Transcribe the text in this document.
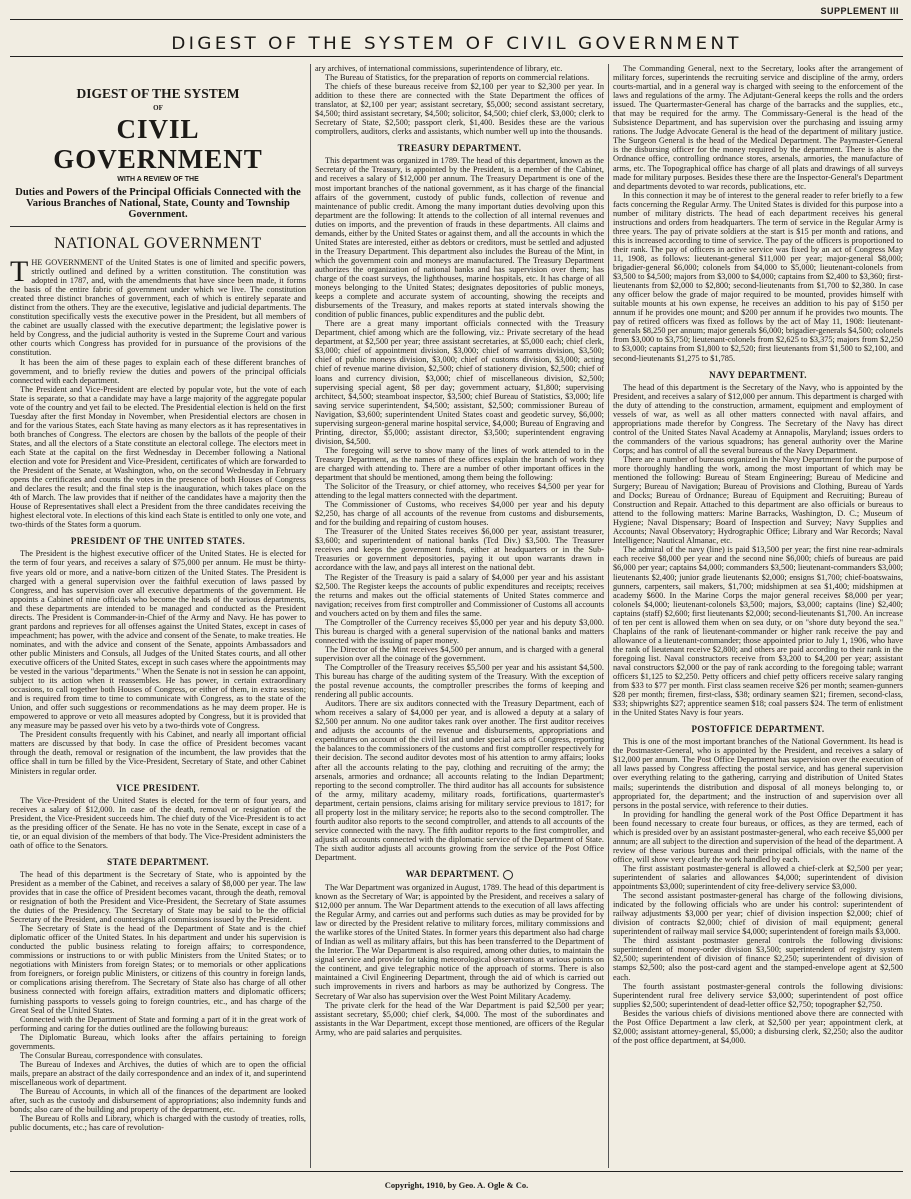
SUPPLEMENT III
DIGEST OF THE SYSTEM OF CIVIL GOVERNMENT
DIGEST OF THE SYSTEM
OF
CIVIL GOVERNMENT
WITH A REVIEW OF THE
Duties and Powers of the Principal Officials Connected with the Various Branches of National, State, County and Township Government.
NATIONAL GOVERNMENT

THE GOVERNMENT of the United States is one of limited and specific powers, strictly outlined and defined by a written constitution. The constitution was adopted in 1787, and, with the amendments that have since been made, it forms the basis of the entire fabric of government under which we live. The constitution created three distinct branches of government, each of which is entirely separate and distinct from the others. They are the executive, legislative and judicial departments. The constitution specifically vests the executive power in the President, but all members of the cabinet are usually classed with the executive department; the legislative power is held by Congress, and the judicial authority is vested in the Supreme Court and various other courts which Congress has provided for in pursuance of the provisions of the constitution.

It has been the aim of these pages to explain each of these different branches of government, and to briefly review the duties and powers of the principal officials connected with each department.

The President and Vice-President are elected by popular vote, but the vote of each State is separate, so that a candidate may have a large majority of the aggregate popular vote of the country and yet fail to be elected. The Presidential election is held on the first Tuesday after the first Monday in November, when Presidential electors are chosen in and for the various States, each State having as many electors as it has representatives in both branches of Congress. The electors are chosen by the ballots of the people of their States, and all the electors of a State constitute an electoral college. The electors meet in each State at the capital on the first Wednesday in December following a National election and vote for President and Vice-President, certificates of which are forwarded to the President of the Senate, at Washington, who, on the second Wednesday in February opens the certificates and counts the votes in the presence of both Houses of Congress and declares the result; and the final step is the inauguration, which takes place on the 4th of March. The law provides that if neither of the candidates have a majority then the House of Representatives shall elect a President from the three candidates receiving the highest electoral vote. In elections of this kind each State is entitled to only one vote, and two-thirds of the States form a quorum.

PRESIDENT OF THE UNITED STATES.

The President is the highest executive officer of the United States. He is elected for the term of four years, and receives a salary of $75,000 per annum. He must be thirty-five years old or more, and a native-born citizen of the United States. The President is charged with a general supervision over the faithful execution of laws passed by Congress, and has supervision over all executive departments of the government. He appoints a Cabinet of nine officials who become the heads of the various departments, and these departments are intended to be managed and conducted as the President directs. The President is Commander-in-Chief of the Army and Navy. He has power to grant pardons and reprieves for all offenses against the United States, except in cases of impeachment; has power, with the advice and consent of the Senate, to make treaties. He nominates, and with the advice and consent of the Senate, appoints Ambassadors and other public Ministers and Consuls, all Judges of the United States courts, and all other executive officers of the United States, except in such cases where the appointments may be vested in the various "departments." When the Senate is not in session he can appoint, subject to its action when it reassembles. He has power, in certain extraordinary occasions, to call together both Houses of Congress, or either of them, in extra session; and is required from time to time to communicate with Congress, as to the state of the Union, and offer such suggestions or recommendations as he may deem proper. He is empowered to approve or veto all measures adopted by Congress, but it is provided that any measure may be passed over his veto by a two-thirds vote of Congress.

The President consults frequently with his Cabinet, and nearly all important official matters are discussed by that body. In case the office of President becomes vacant through the death, removal or resignation of the incumbent, the law provides that the office shall in turn be filled by the Vice-President, Secretary of State, and other Cabinet Ministers in regular order.

VICE PRESIDENT.

The Vice-President of the United States is elected for the term of four years, and receives a salary of $12,000. In case of the death, removal or resignation of the President, the Vice-President succeeds him. The chief duty of the Vice-President is to act as the presiding officer of the Senate. He has no vote in the Senate, except in case of a tie, or an equal division of the members of that body. The Vice-President administers the oath of office to the Senators.

STATE DEPARTMENT.

The head of this department is the Secretary of State, who is appointed by the President as a member of the Cabinet, and receives a salary of $8,000 per year. The law provides that in case the office of President becomes vacant, through the death, removal or resignation of both the President and Vice-President, the Secretary of State assumes the duties of the Presidency. The Secretary of State may be said to be the official Secretary of the President, and countersigns all commissions issued by the President.

The Secretary of State is the head of the Department of State and is the chief diplomatic officer of the United States. In his department and under his supervision is conducted the public business relating to foreign affairs; to correspondence, commissions or instructions to or with public Ministers from the United States; or to negotiations with Ministers from foreign States; or to memorials or other applications from foreigners, or foreign public Ministers, or citizens of this country in foreign lands, or complications arising therefrom. The Secretary of State also has charge of all other business connected with foreign affairs, extradition matters and diplomatic officers; furnishing passports to vessels going to foreign countries, etc., and has charge of the Great Seal of the United States.

Connected with the Department of State and forming a part of it in the great work of performing and caring for the duties outlined are the following bureaus:

The Diplomatic Bureau, which looks after the affairs pertaining to foreign governments.

The Consular Bureau, correspondence with consulates.

The Bureau of Indexes and Archives, the duties of which are to open the official mails, prepare an abstract of the daily correspondence and an index of it, and superintend miscellaneous work of department.

The Bureau of Accounts, in which all of the finances of the department are looked after, such as the custody and disbursement of appropriations; also indemnity funds and bonds; also care of the building and property of the department, etc.

The Bureau of Rolls and Library, which is charged with the custody of treaties, rolls, public documents, etc.; has care of revolution-

ary archives, of international commissions, superintendence of library, etc.

The Bureau of Statistics, for the preparation of reports on commercial relations.

The chiefs of these bureaus receive from $2,100 per year to $2,300 per year. In addition to these there are connected with the State Department the offices of translator, at $2,100 per year; assistant secretary, $5,000; second assistant secretary, $4,500; third assistant secretary, $4,500; solicitor, $4,500; chief clerk, $3,000; clerk to Secretary of State, $2,500; passport clerk, $1,400. Besides these are the various comptrollers, auditors, clerks and assistants, which number well up into the thousands.

TREASURY DEPARTMENT.

This department was organized in 1789. The head of this department, known as the Secretary of the Treasury, is appointed by the President, is a member of the Cabinet, and receives a salary of $12,000 per annum. The Treasury Department is one of the most important branches of the national government, as it has charge of the financial affairs of the government, custody of public funds, collection of revenue and maintenance of public credit. Among the many important duties devolving upon this department are the following: It attends to the collection of all internal revenues and duties on imports, and the prevention of frauds in these departments. All claims and demands, either by the United States or against them, and all the accounts in which the United States are interested, either as debtors or creditors, must be settled and adjusted in the Treasury Department. This department also includes the Bureau of the Mint, in which the government coin and moneys are manufactured. The Treasury Department authorizes the organization of national banks and has supervision over them; has charge of the coast surveys, the lighthouses, marine hospitals, etc. It has charge of all moneys belonging to the United States; designates depositories of public moneys, keeps a complete and accurate system of accounting, showing the receipts and disbursements of the Treasury, and makes reports at stated intervals showing the condition of public finances, public expenditures and the public debt.

There are a great many important officials connected with the Treasury Department, chief among which are the following, viz.: Private secretary of the head department, at $2,500 per year; three assistant secretaries, at $5,000 each; chief clerk, $3,000; chief of appointment division, $3,000; chief of warrants division, $3,500; chief of public moneys division, $3,000; chief of customs division, $3,000; acting chief of revenue marine division, $2,500; chief of stationery division, $2,500; chief of loans and currency division, $3,000; chief of miscellaneous division, $2,500; supervising special agent, $8 per day; government actuary, $1,800; supervising architect, $4,500; steamboat inspector, $3,500; chief Bureau of Statistics, $3,000; life saving service superintendent, $4,500; assistant, $2,500; commissioner Bureau of Navigation, $3,600; superintendent United States coast and geodetic survey, $6,000; supervising surgeon-general marine hospital service, $4,000; Bureau of Engraving and Printing, director, $5,000; assistant director, $3,500; superintendent engraving division, $4,500.

The foregoing will serve to show many of the lines of work attended to in the Treasury Department, as the names of these offices explain the branch of work they are charged with attending to. There are a number of other important offices in the department that should be mentioned, among them being the following:

The Solicitor of the Treasury, or chief attorney, who receives $4,500 per year for attending to the legal matters connected with the department.

The Commissioner of Customs, who receives $4,000 per year and his deputy $2,250, has charge of all accounts of the revenue from customs and disbursements, and for the building and repairing of custom houses.

The Treasurer of the United States receives $6,000 per year, assistant treasurer, $3,600; and superintendent of national banks (Tcd Div.) $3,500. The Treasurer receives and keeps the government funds, either at headquarters or in the Sub-Treasuries or government depositories, paying it out upon warrants drawn in accordance with the law, and pays all interest on the national debt.

The Register of the Treasury is paid a salary of $4,000 per year and his assistant $2,500. The Register keeps the accounts of public expenditures and receipts; receives the returns and makes out the official statements of United States commerce and navigation; receives from first comptroller and Commissioner of Customs all accounts and vouchers acted on by them and files the same.

The Comptroller of the Currency receives $5,000 per year and his deputy $3,000. This bureau is charged with a general supervision of the national banks and matters connected with the issuing of paper money.

The Director of the Mint receives $4,500 per annum, and is charged with a general supervision over all the coinage of the government.

The Comptroller of the Treasury receives $5,500 per year and his assistant $4,500. This bureau has charge of the auditing system of the Treasury. With the exception of the postal revenue accounts, the comptroller prescribes the forms of keeping and rendering all public accounts.

Auditors. There are six auditors connected with the Treasury Department, each of whom receives a salary of $4,000 per year, and is allowed a deputy at a salary of $2,500 per annum. No one auditor takes rank over another. The first auditor receives and adjusts the accounts of the revenue and disbursements, appropriations and expenditures on account of the civil list and under special acts of Congress, reporting the balances to the commissioners of the customs and first comptroller respectively for their decision. The second auditor devotes most of his attention to army affairs; looks after all the accounts relating to the pay, clothing and recruiting of the army; the arsenals, armories and ordnance; all accounts relating to the Indian Department; reporting to the second comptroller. The third auditor has all accounts for subsistence of the army, military academy, military roads, fortifications, quartermaster's department, certain pensions, claims arising for military service previous to 1817; for all property lost in the military service; he reports also to the second comptroller. The fourth auditor also reports to the second comptroller, and attends to all accounts of the service connected with the navy. The fifth auditor reports to the first comptroller, and adjusts all accounts connected with the diplomatic service of the Department of State. The sixth auditor adjusts all accounts growing from the service of the Post Office Department.

WAR DEPARTMENT.

The War Department was organized in August, 1789. The head of this department is known as the Secretary of War; is appointed by the President, and receives a salary of $12,000 per annum. The War Department attends to the execution of all laws affecting the Regular Army, and carries out and performs such duties as may be provided for by law or directed by the President relative to military forces, military commissions and the warlike stores of the United States. In former years this department also had charge of Indian as well as military affairs, but this has been transferred to the Department of the Interior. The War Department is also required, among other duties, to maintain the signal service and provide for taking meteorological observations at various points on the continent, and give telegraphic notice of the approach of storms. There is also maintained a Civil Engineering Department, through the aid of which is carried out such improvements in rivers and harbors as may be authorized by Congress. The Secretary of War also has supervision over the West Point Military Academy.

The private clerk for the head of the War Department is paid $2,500 per year; assistant secretary, $5,000; chief clerk, $4,000. The most of the subordinates and assistants in the War Department, except those mentioned, are officers of the Regular Army, who are paid salaries and perquisites.

The Commanding General, next to the Secretary, looks after the arrangement of military forces, superintends the recruiting service and discipline of the army, orders courts-martial, and in a general way is charged with seeing to the enforcement of the laws and regulations of the army. The Adjutant-General keeps the rolls and the orders issued. The Quartermaster-General has charge of the barracks and the supplies, etc., that may be required for the army. The Commissary-General is the head of the Subsistence Department, and has supervision over the purchasing and issuing army rations. The Judge Advocate General is the head of the department of military justice. The Surgeon General is the head of the Medical Department. The Paymaster-General is the disbursing officer for the money required by the department. There is also the Ordnance office, controlling ordnance stores, arsenals, armories, the manufacture of arms, etc. The Topographical office has charge of all plats and drawings of all surveys made for military purposes. Besides these there are the Inspector-General's Department and departments devoted to war records, publications, etc.

In this connection it may be of interest to the general reader to refer briefly to a few facts concerning the Regular Army. The United States is divided for this purpose into a number of military districts. The head of each department receives his general instructions and orders from headquarters. The term of service in the Regular Army is three years. The pay of private soldiers at the start is $15 per month and rations, and this is increased according to time of service. The pay of the officers is proportioned to their rank. The pay of officers in active service was fixed by an act of Congress May 11, 1908, as follows: lieutenant-general $11,000 per year; major-general $8,000; brigadier-general $6,000; colonels from $4,000 to $5,000; lieutenant-colonels from $3,500 to $4,500; majors from $3,000 to $4,000; captains from $2,400 to $3,360; first-lieutenants from $2,000 to $2,800; second-lieutenants from $1,700 to $2,380. In case any officer below the grade of major required to be mounted, provides himself with suitable mounts at his own expense, he receives an addition to his pay of $150 per annum if he provides one mount; and $200 per annum if he provides two mounts. The pay of retired officers was fixed as follows by the act of May 11, 1908: lieutenant-generals $8,250 per annum; major generals $6,000; brigadier-generals $4,500; colonels from $3,000 to $3,750; lieutenant-colonels from $2,625 to $3,375; majors from $2,250 to $3,000; captains from $1,800 to $2,520; first lieutenants from $1,500 to $2,100, and second-lieutenants $1,275 to $1,785.

NAVY DEPARTMENT.

The head of this department is the Secretary of the Navy, who is appointed by the President, and receives a salary of $12,000 per annum. This department is charged with the duty of attending to the construction, armament, equipment and employment of vessels of war, as well as all other matters connected with naval affairs, and appropriations made therefor by Congress. The Secretary of the Navy has direct control of the United States Naval Academy at Annapolis, Maryland; issues orders to the commanders of the various squadrons; has general authority over the Marine Corps; and has control of all the several bureaus of the Navy Department.

There are a number of bureaus organized in the Navy Department for the purpose of more thoroughly handling the work, among the most important of which may be mentioned the following: Bureau of Steam Engineering; Bureau of Medicine and Surgery; Bureau of Navigation; Bureau of Provisions and Clothing, Bureau of Yards and Docks; Bureau of Ordnance; Bureau of Equipment and Recruiting; Bureau of Construction and Repair. Attached to this department are also officials or bureaus to attend to the following matters: Marine Barracks, Washington, D. C.; Museum of Hygiene; Naval Dispensary; Board of Inspection and Survey; Navy Supplies and Accounts; Naval Observatory; Hydrographic Office; Library and War Records; Naval Intelligence; Nautical Almanac, etc.

The admiral of the navy (line) is paid $13,500 per year; the first nine rear-admirals each receive $8,000 per year and the second nine $6,000; chiefs of bureaus are paid $6,000 per year; captains $4,000; commanders $3,500; lieutenant-commanders $3,000; lieutenants $2,400; junior grade lieutenants $2,000; ensigns $1,700; chief-boatswains, gunners, carpenters, sail makers, $1,700; midshipmen at sea $1,400; midshipmen at academy $600. In the Marine Corps the major general receives $8,000 per year; colonels $4,000; lieutenant-colonels $3,500; majors, $3,000; captains (line) $2,400; captains (staff) $2,600; first lieutenants $2,000; second-lieutenants $1,700. An increase of ten per cent is allowed them when on sea duty, or on "shore duty beyond the sea." Chaplains of the rank of lieutenant-commander or higher rank receive the pay and allowance of a lieutenant-commander; those appointed prior to July 1, 1906, who have the rank of lieutenant receive $2,800; and others are paid according to their rank in the foregoing list. Naval constructors receive from $3,200 to $4,200 per year; assistant naval constructors $2,000 or the pay of rank according to the foregoing table; warrant officers $1,125 to $2,250. Petty officers and chief petty officers receive salary ranging from $33 to $77 per month. First class seamen receive $26 per month; seamen-gunners $28 per month; firemen, first-class, $38; ordinary seamen $21; firemen, second-class, $33; shipwrights $27; apprentice seamen $18; coal passers $24. The term of enlistment in the United States Navy is four years.

POSTOFFICE DEPARTMENT.

This is one of the most important branches of the National Government. Its head is the Postmaster-General, who is appointed by the President, and receives a salary of $12,000 per annum. The Post Office Department has supervision over the execution of all laws passed by Congress affecting the postal service, and has general supervision over everything relating to the gathering, carrying and distribution of United States mails; superintends the distribution and disposal of all moneys belonging to, or appropriated for, the department; and the instruction of and supervision over all persons in the postal service, with reference to their duties.

In providing for handling the general work of the Post Office Department it has been found necessary to create four bureaus, or offices, as they are termed, each of which is presided over by an assistant postmaster-general, who each receive $5,000 per annum; are all subject to the direction and supervision of the head of the department. A review of these various bureaus and their principal officials, with the name of the office, will show very clearly the work handled by each.

The first assistant postmaster-general is allowed a chief-clerk at $2,500 per year; superintendent of salaries and allowances $4,000; superintendent of division appointments $3,000; superintendent of city free-delivery service $3,000.

The second assistant postmaster-general has charge of the following divisions, indicated by the following officials who are under his control: superintendent of railway adjustments $3,000 per year; chief of division inspection $2,000; chief of division of contracts $2,000; chief of division of mail equipment; general superintendent of railway mail service $4,000; superintendent of foreign mails $3,000.

The third assistant postmaster general controls the following divisions: superintendent of money-order division $3,500; superintendent of registry system $2,500; superintendent of division of finance $2,250; superintendent of division of stamps $2,500; also the post-card agent and the stamped-envelope agent at $2,500 each.

The fourth assistant postmaster-general controls the following divisions: Superintendent rural free delivery service $3,000; superintendent of post office supplies $2,500; superintendent of dead-letter office $2,750; topographer $2,750.

Besides the various chiefs of divisions mentioned above there are connected with the Post Office Department a law clerk, at $2,500 per year; appointment clerk, at $2,000; assistant attorney-general, $5,000; a disbursing clerk, $2,250; also the auditor of the post office department, at $4,000.

Copyright, 1910, by Geo. A. Ogle & Co.
